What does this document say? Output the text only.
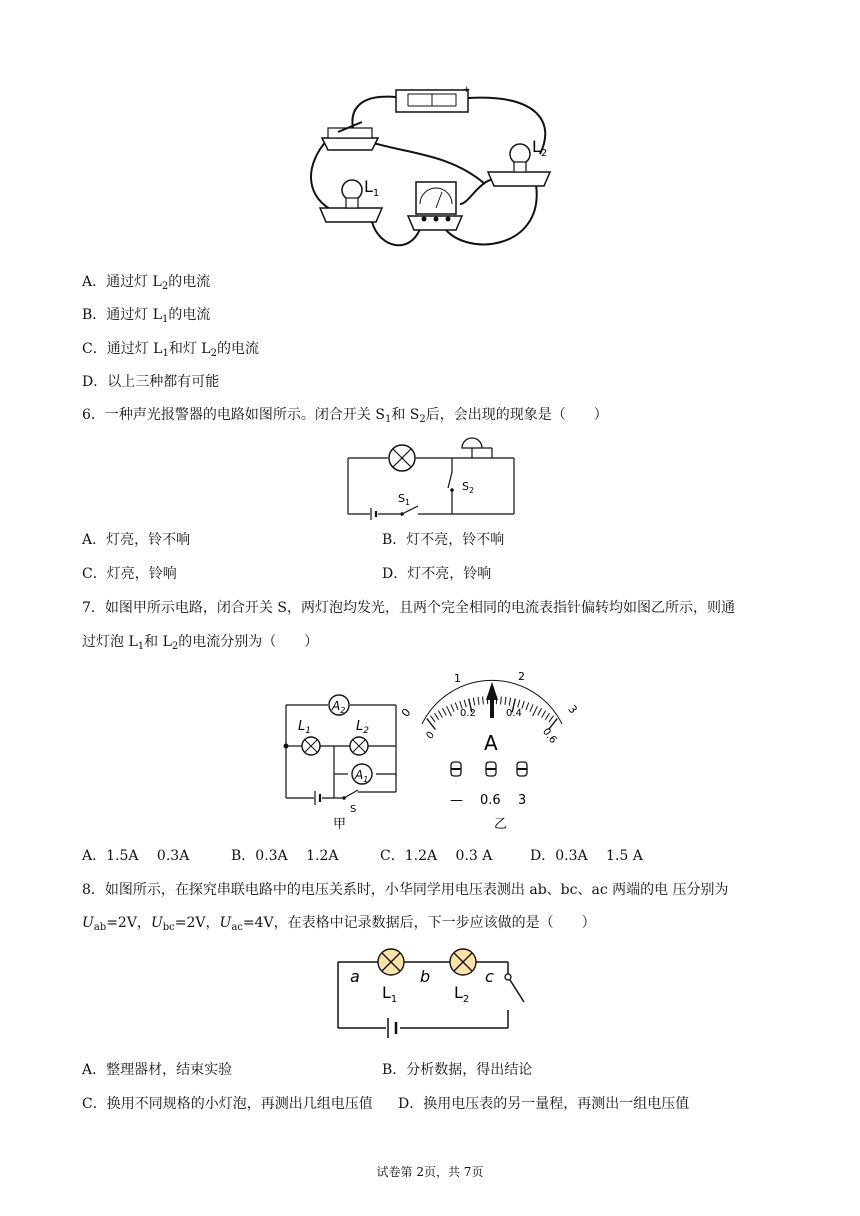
−	+
$L_1$
$L_2$
A．通过灯 $L_2$的电流
B．通过灯 $L_1$的电流
C．通过灯 $L_1$和灯 $L_2$的电流
D．以上三种都有可能
6．一种声光报警器的电路如图所示。闭合开关 $S_1$和 $S_2$后，会出现的现象是（　　）
$S_1$
$S_2$
A．灯亮，铃不响	B．灯不亮，铃不响
C．灯亮，铃响	D．灯不亮，铃响
7．如图甲所示电路，闭合开关 S，两灯泡均发光，且两个完全相同的电流表指针偏转均如图乙所示，则通
过灯泡 $L_1$和 $L_2$的电流分别为（　　）
$A_2$
$L_1$	$L_2$
$A_1$
S
甲
0
1	2
3
0
0.2	0.4
0.6
A
— 0.6 3
乙
A．1.5A　 0.3A	B．0.3A　 1.2A	C．1.2A　 0.3 A	D．0.3A　 1.5 A
8．如图所示，在探究串联电路中的电压关系时，小华同学用电压表测出 ab、bc、ac 两端的电 压分别为
$U_{ab}=2V$，$U_{bc}=2V$，$U_{ac}=4V$，在表格中记录数据后，下一步应该做的是（　　）
a	b	c
$L_1$	$L_2$
A．整理器材，结束实验	B．分析数据，得出结论
C．换用不同规格的小灯泡，再测出几组电压值 D．换用电压表的另一量程，再测出一组电压值
试卷第 2页，共 7页
